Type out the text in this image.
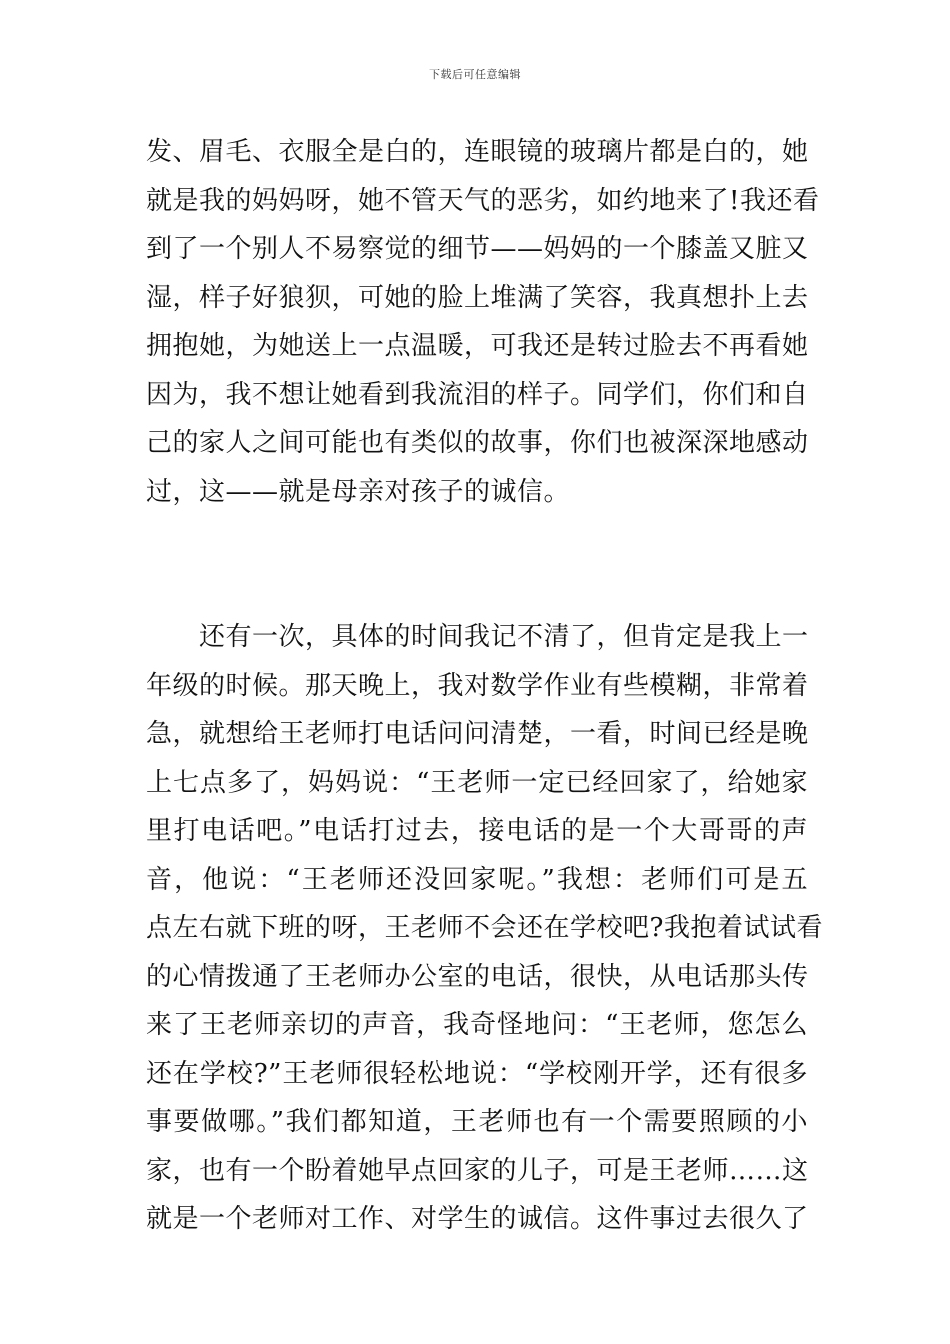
下载后可任意编辑
发、眉毛、衣服全是白的，连眼镜的玻璃片都是白的，她
就是我的妈妈呀，她不管天气的恶劣，如约地来了!我还看
到了一个别人不易察觉的细节——妈妈的一个膝盖又脏又
湿，样子好狼狈，可她的脸上堆满了笑容，我真想扑上去
拥抱她，为她送上一点温暖，可我还是转过脸去不再看她
因为，我不想让她看到我流泪的样子。同学们，你们和自
己的家人之间可能也有类似的故事，你们也被深深地感动
过，这——就是母亲对孩子的诚信。
还有一次，具体的时间我记不清了，但肯定是我上一
年级的时候。那天晚上，我对数学作业有些模糊，非常着
急，就想给王老师打电话问问清楚，一看，时间已经是晚
上七点多了，妈妈说：“王老师一定已经回家了，给她家
里打电话吧。”电话打过去，接电话的是一个大哥哥的声
音，他说：“王老师还没回家呢。”我想：老师们可是五
点左右就下班的呀，王老师不会还在学校吧?我抱着试试看
的心情拨通了王老师办公室的电话，很快，从电话那头传
来了王老师亲切的声音，我奇怪地问：“王老师，您怎么
还在学校?”王老师很轻松地说：“学校刚开学，还有很多
事要做哪。”我们都知道，王老师也有一个需要照顾的小
家，也有一个盼着她早点回家的儿子，可是王老师……这
就是一个老师对工作、对学生的诚信。这件事过去很久了
